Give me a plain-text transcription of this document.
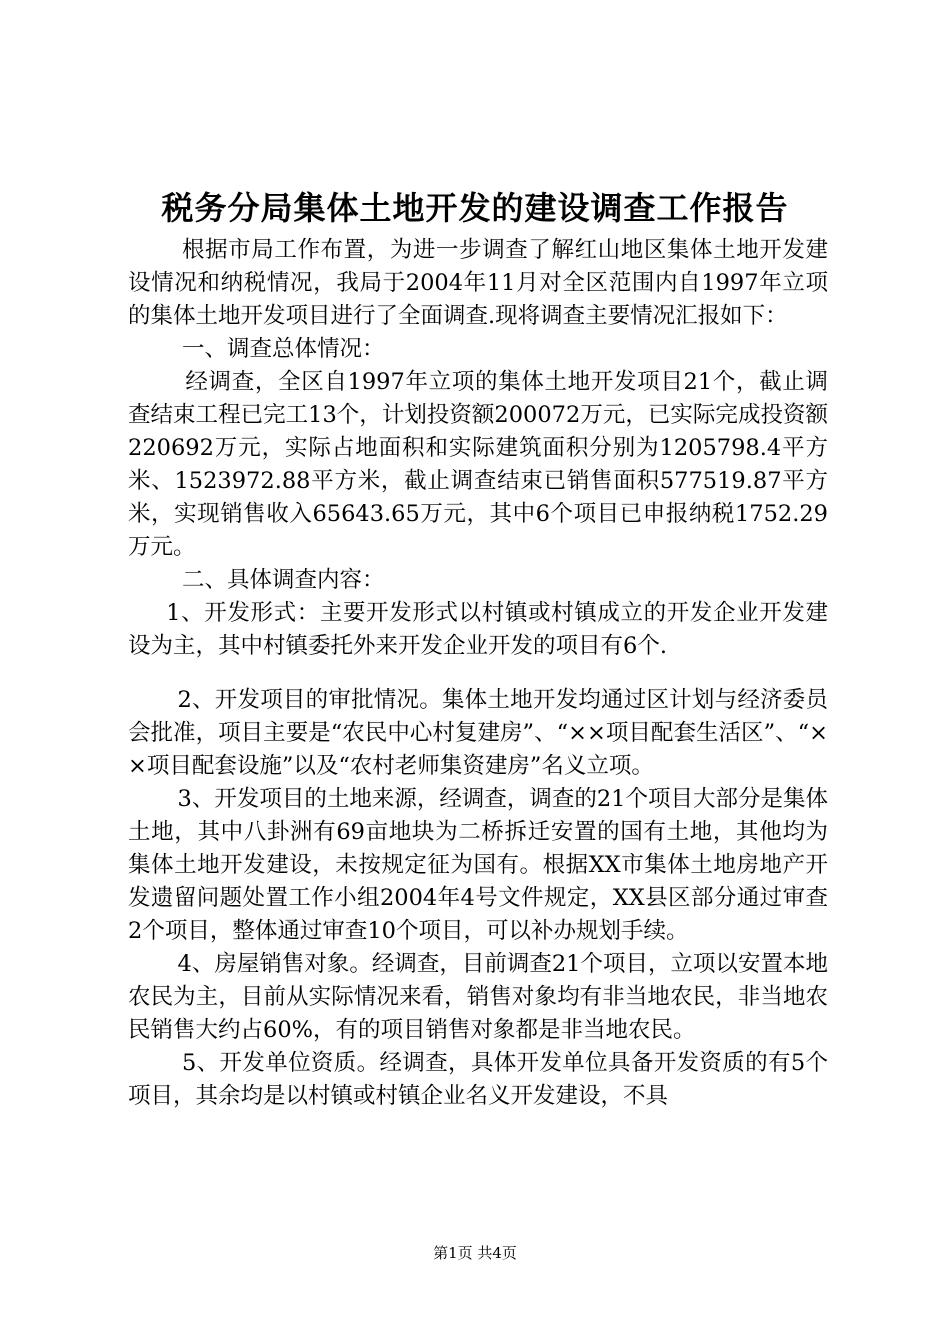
税务分局集体土地开发的建设调查工作报告

根据市局工作布置，为进一步调查了解红山地区集体土地开发建设情况和纳税情况，我局于2004年11月对全区范围内自1997年立项的集体土地开发项目进行了全面调查.现将调查主要情况汇报如下：

一、调查总体情况：

经调查，全区自1997年立项的集体土地开发项目21个，截止调查结束工程已完工13个，计划投资额200072万元，已实际完成投资额220692万元，实际占地面积和实际建筑面积分别为1205798.4平方米、1523972.88平方米，截止调查结束已销售面积577519.87平方米，实现销售收入65643.65万元，其中6个项目已申报纳税1752.29万元。

二、具体调查内容：

1、开发形式：主要开发形式以村镇或村镇成立的开发企业开发建设为主，其中村镇委托外来开发企业开发的项目有6个.

2、开发项目的审批情况。集体土地开发均通过区计划与经济委员会批准，项目主要是“农民中心村复建房”、“××项目配套生活区”、“××项目配套设施”以及“农村老师集资建房”名义立项。

3、开发项目的土地来源，经调查，调查的21个项目大部分是集体土地，其中八卦洲有69亩地块为二桥拆迁安置的国有土地，其他均为集体土地开发建设，未按规定征为国有。根据XX市集体土地房地产开发遗留问题处置工作小组2004年4号文件规定，XX县区部分通过审查2个项目，整体通过审查10个项目，可以补办规划手续。

4、房屋销售对象。经调查，目前调查21个项目，立项以安置本地农民为主，目前从实际情况来看，销售对象均有非当地农民，非当地农民销售大约占60%，有的项目销售对象都是非当地农民。

5、开发单位资质。经调查，具体开发单位具备开发资质的有5个项目，其余均是以村镇或村镇企业名义开发建设，不具

第1页 共4页
